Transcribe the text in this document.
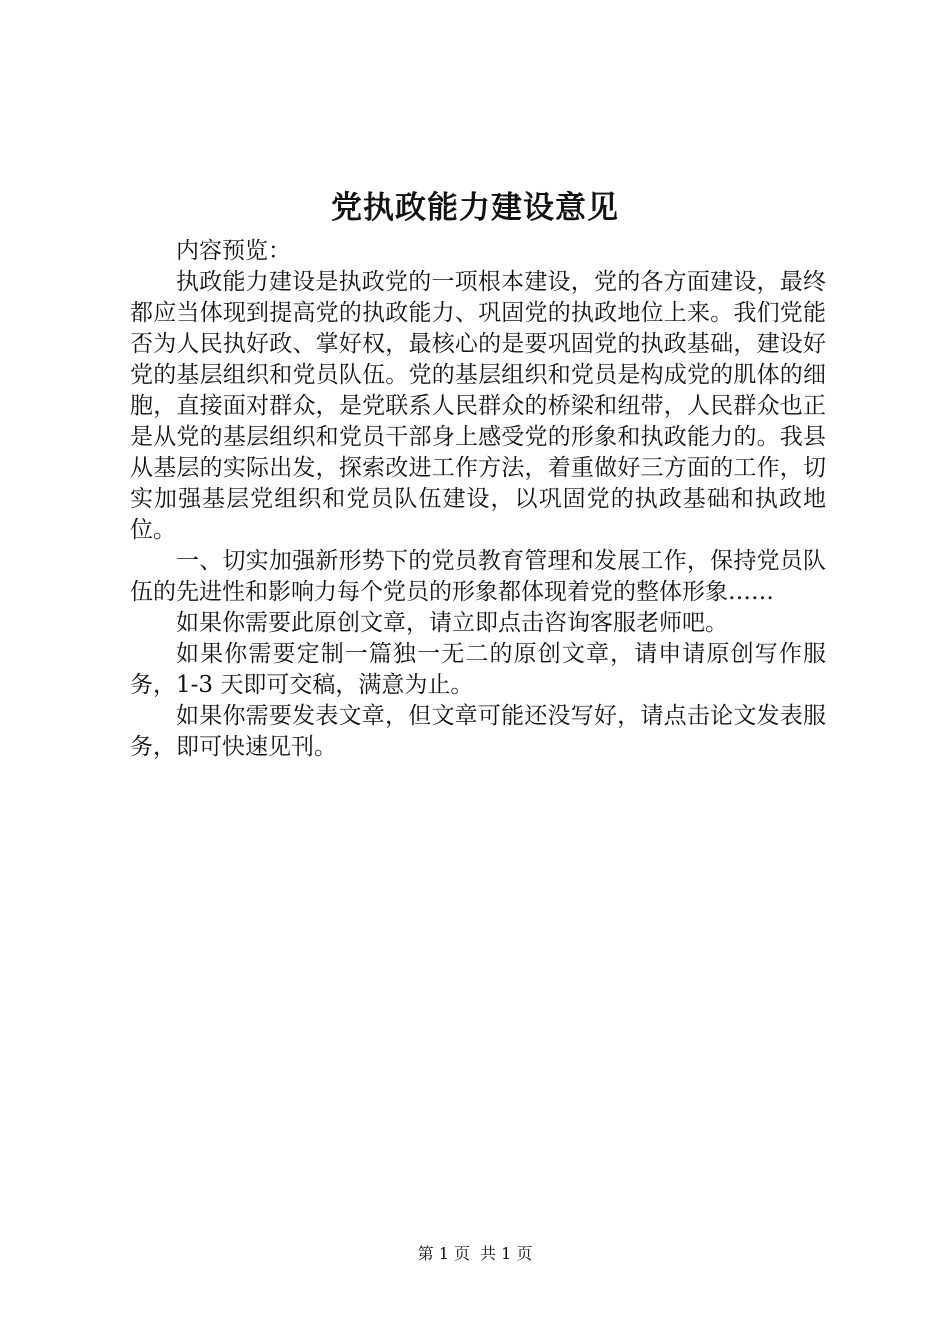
党执政能力建设意见

内容预览：

执政能力建设是执政党的一项根本建设，党的各方面建设，最终都应当体现到提高党的执政能力、巩固党的执政地位上来。我们党能否为人民执好政、掌好权，最核心的是要巩固党的执政基础，建设好党的基层组织和党员队伍。党的基层组织和党员是构成党的肌体的细胞，直接面对群众，是党联系人民群众的桥梁和纽带，人民群众也正是从党的基层组织和党员干部身上感受党的形象和执政能力的。我县从基层的实际出发，探索改进工作方法，着重做好三方面的工作，切实加强基层党组织和党员队伍建设，以巩固党的执政基础和执政地位。

一、切实加强新形势下的党员教育管理和发展工作，保持党员队伍的先进性和影响力每个党员的形象都体现着党的整体形象……

如果你需要此原创文章，请立即点击咨询客服老师吧。

如果你需要定制一篇独一无二的原创文章，请申请原创写作服务，1-3 天即可交稿，满意为止。

如果你需要发表文章，但文章可能还没写好，请点击论文发表服务，即可快速见刊。

第 1 页 共 1 页
